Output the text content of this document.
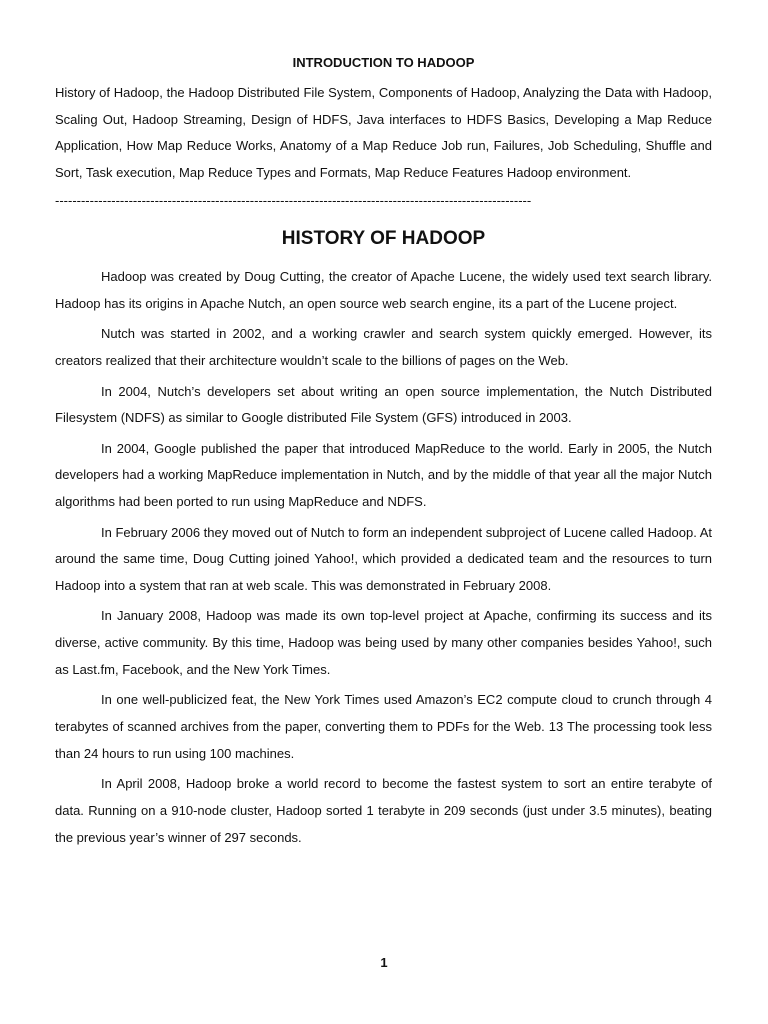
INTRODUCTION TO HADOOP

History of Hadoop, the Hadoop Distributed File System, Components of Hadoop, Analyzing the Data with Hadoop, Scaling Out, Hadoop Streaming, Design of HDFS, Java interfaces to HDFS Basics, Developing a Map Reduce Application, How Map Reduce Works, Anatomy of a Map Reduce Job run, Failures, Job Scheduling, Shuffle and Sort, Task execution, Map Reduce Types and Formats, Map Reduce Features Hadoop environment.

--------------------------------------------------------------------------------------------------------------
HISTORY OF HADOOP

Hadoop was created by Doug Cutting, the creator of Apache Lucene, the widely used text search library. Hadoop has its origins in Apache Nutch, an open source web search engine, its a part of the Lucene project.

Nutch was started in 2002, and a working crawler and search system quickly emerged. However, its creators realized that their architecture wouldn’t scale to the billions of pages on the Web.

In 2004, Nutch’s developers set about writing an open source implementation, the Nutch Distributed Filesystem (NDFS) as similar to Google distributed File System (GFS) introduced in 2003.

In 2004, Google published the paper that introduced MapReduce to the world. Early in 2005, the Nutch developers had a working MapReduce implementation in Nutch, and by the middle of that year all the major Nutch algorithms had been ported to run using MapReduce and NDFS.

In February 2006 they moved out of Nutch to form an independent subproject of Lucene called Hadoop. At around the same time, Doug Cutting joined Yahoo!, which provided a dedicated team and the resources to turn Hadoop into a system that ran at web scale. This was demonstrated in February 2008.

In January 2008, Hadoop was made its own top-level project at Apache, confirming its success and its diverse, active community. By this time, Hadoop was being used by many other companies besides Yahoo!, such as Last.fm, Facebook, and the New York Times.

In one well-publicized feat, the New York Times used Amazon’s EC2 compute cloud to crunch through 4 terabytes of scanned archives from the paper, converting them to PDFs for the Web. 13 The processing took less than 24 hours to run using 100 machines.

In April 2008, Hadoop broke a world record to become the fastest system to sort an entire terabyte of data. Running on a 910-node cluster, Hadoop sorted 1 terabyte in 209 seconds (just under 3.5 minutes), beating the previous year’s winner of 297 seconds.

1
